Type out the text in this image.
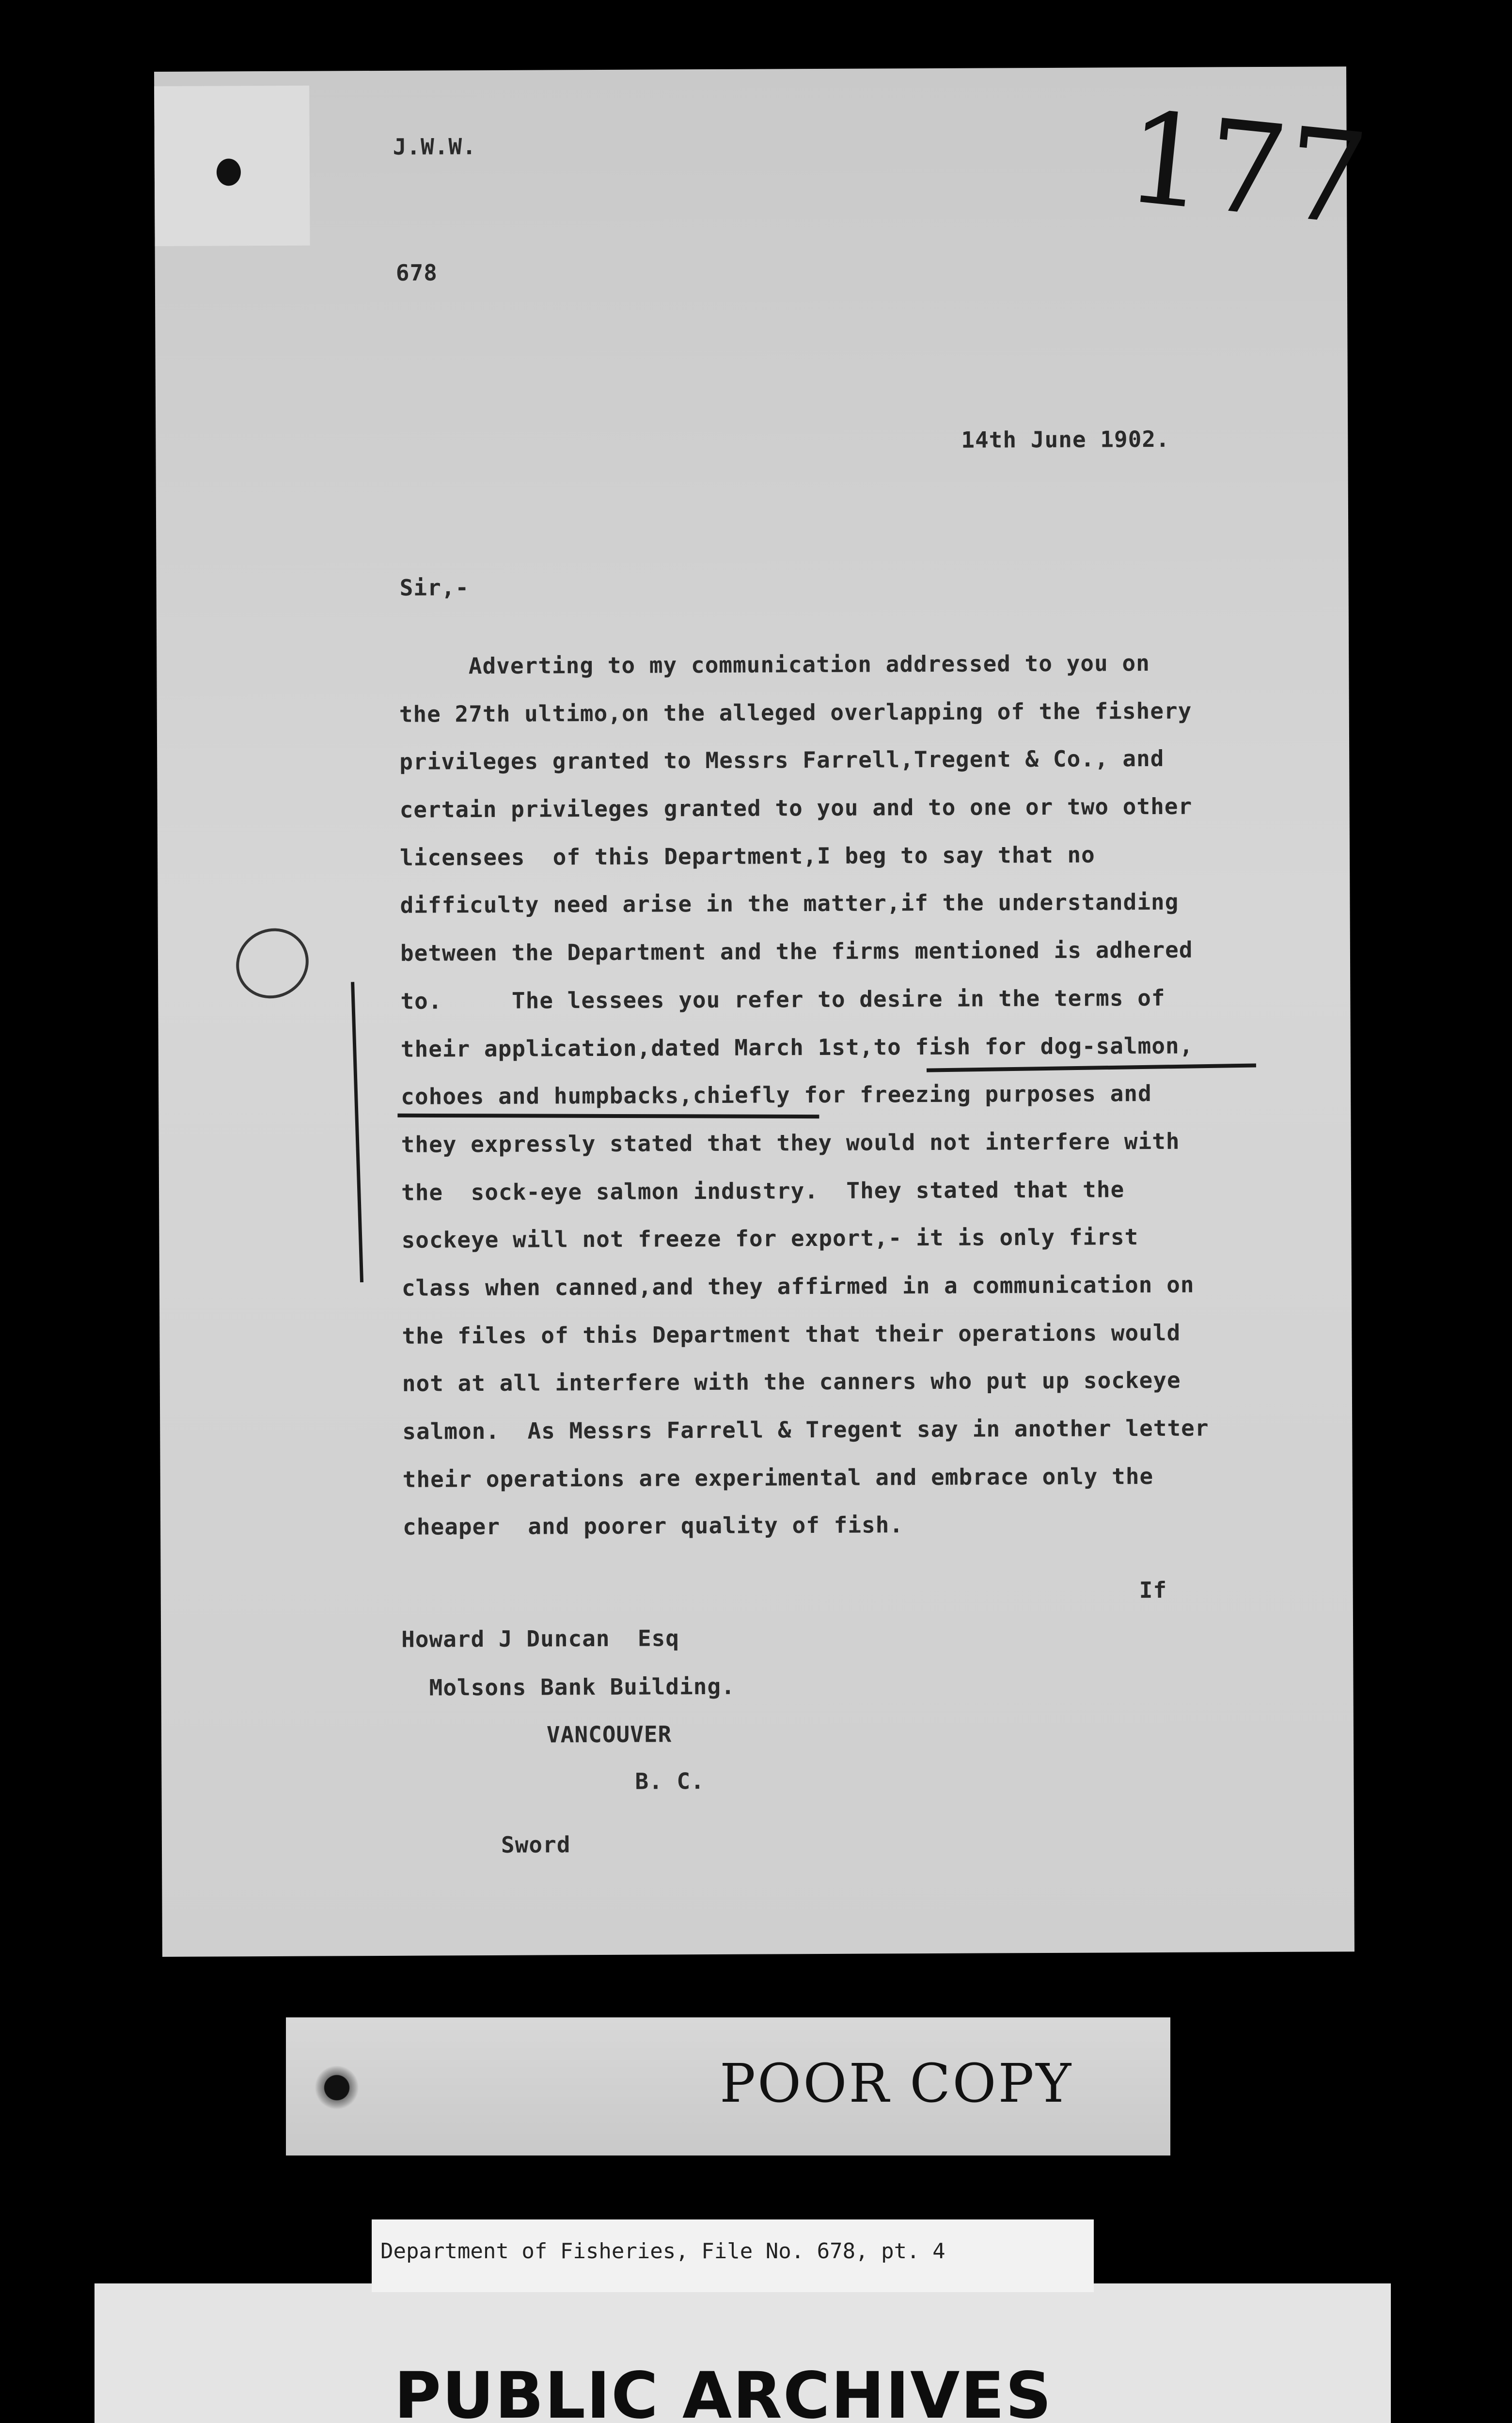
J.W.W.
678
177
14th June 1902.
Sir,-
Adverting to my communication addressed to you on
the 27th ultimo,on the alleged overlapping of the fishery
privileges granted to Messrs Farrell,Tregent & Co., and
certain privileges granted to you and to one or two other
licensees  of this Department,I beg to say that no
difficulty need arise in the matter,if the understanding
between the Department and the firms mentioned is adhered
to.     The lessees you refer to desire in the terms of
their application,dated March 1st,to fish for dog-salmon,
cohoes and humpbacks,chiefly for freezing purposes and
they expressly stated that they would not interfere with
the  sock-eye salmon industry.  They stated that the
sockeye will not freeze for export,- it is only first
class when canned,and they affirmed in a communication on
the files of this Department that their operations would
not at all interfere with the canners who put up sockeye
salmon.  As Messrs Farrell & Tregent say in another letter
their operations are experimental and embrace only the
cheaper  and poorer quality of fish.
If
Howard J Duncan  Esq
Molsons Bank Building.
VANCOUVER
B. C.
Sword
POOR COPY
PUBLIC ARCHIVES
Department of Fisheries, File No. 678, pt. 4
